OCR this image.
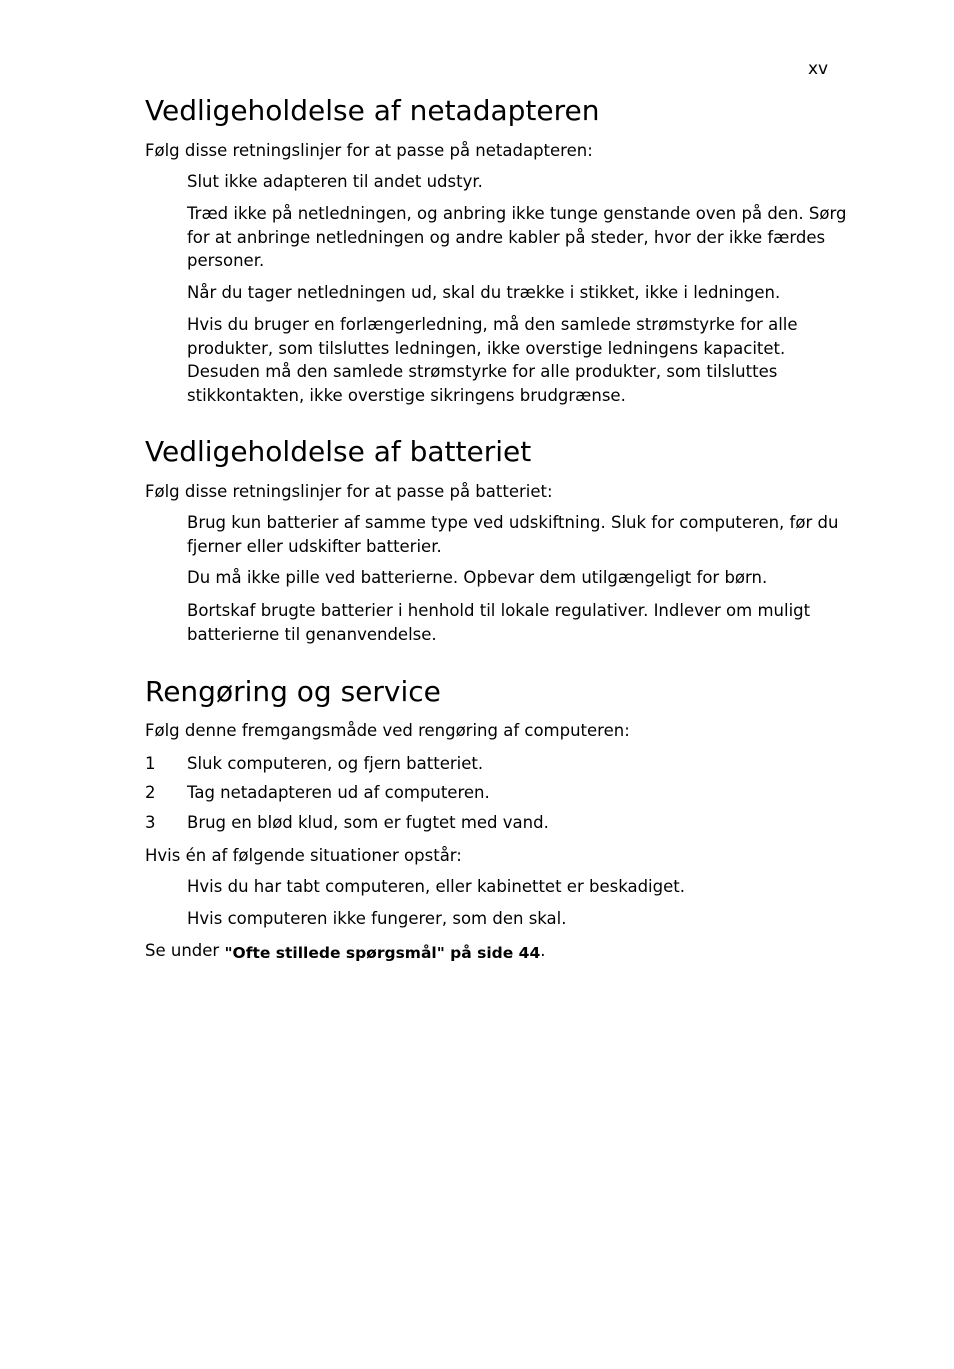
xv
Vedligeholdelse af netadapteren

Følg disse retningslinjer for at passe på netadapteren:

Slut ikke adapteren til andet udstyr.

Træd ikke på netledningen, og anbring ikke tunge genstande oven på den. Sørg for at anbringe netledningen og andre kabler på steder, hvor der ikke færdes personer.

Når du tager netledningen ud, skal du trække i stikket, ikke i ledningen.

Hvis du bruger en forlængerledning, må den samlede strømstyrke for alle produkter, som tilsluttes ledningen, ikke overstige ledningens kapacitet. Desuden må den samlede strømstyrke for alle produkter, som tilsluttes stikkontakten, ikke overstige sikringens brudgrænse.

Vedligeholdelse af batteriet

Følg disse retningslinjer for at passe på batteriet:

Brug kun batterier af samme type ved udskiftning. Sluk for computeren, før du fjerner eller udskifter batterier.

Du må ikke pille ved batterierne. Opbevar dem utilgængeligt for børn.

Bortskaf brugte batterier i henhold til lokale regulativer. Indlever om muligt batterierne til genanvendelse.

Rengøring og service

Følg denne fremgangsmåde ved rengøring af computeren:

1 Sluk computeren, og fjern batteriet.

2 Tag netadapteren ud af computeren.

3 Brug en blød klud, som er fugtet med vand.

Hvis én af følgende situationer opstår:

Hvis du har tabt computeren, eller kabinettet er beskadiget.

Hvis computeren ikke fungerer, som den skal.

Se under "Ofte stillede spørgsmål" på side 44.
